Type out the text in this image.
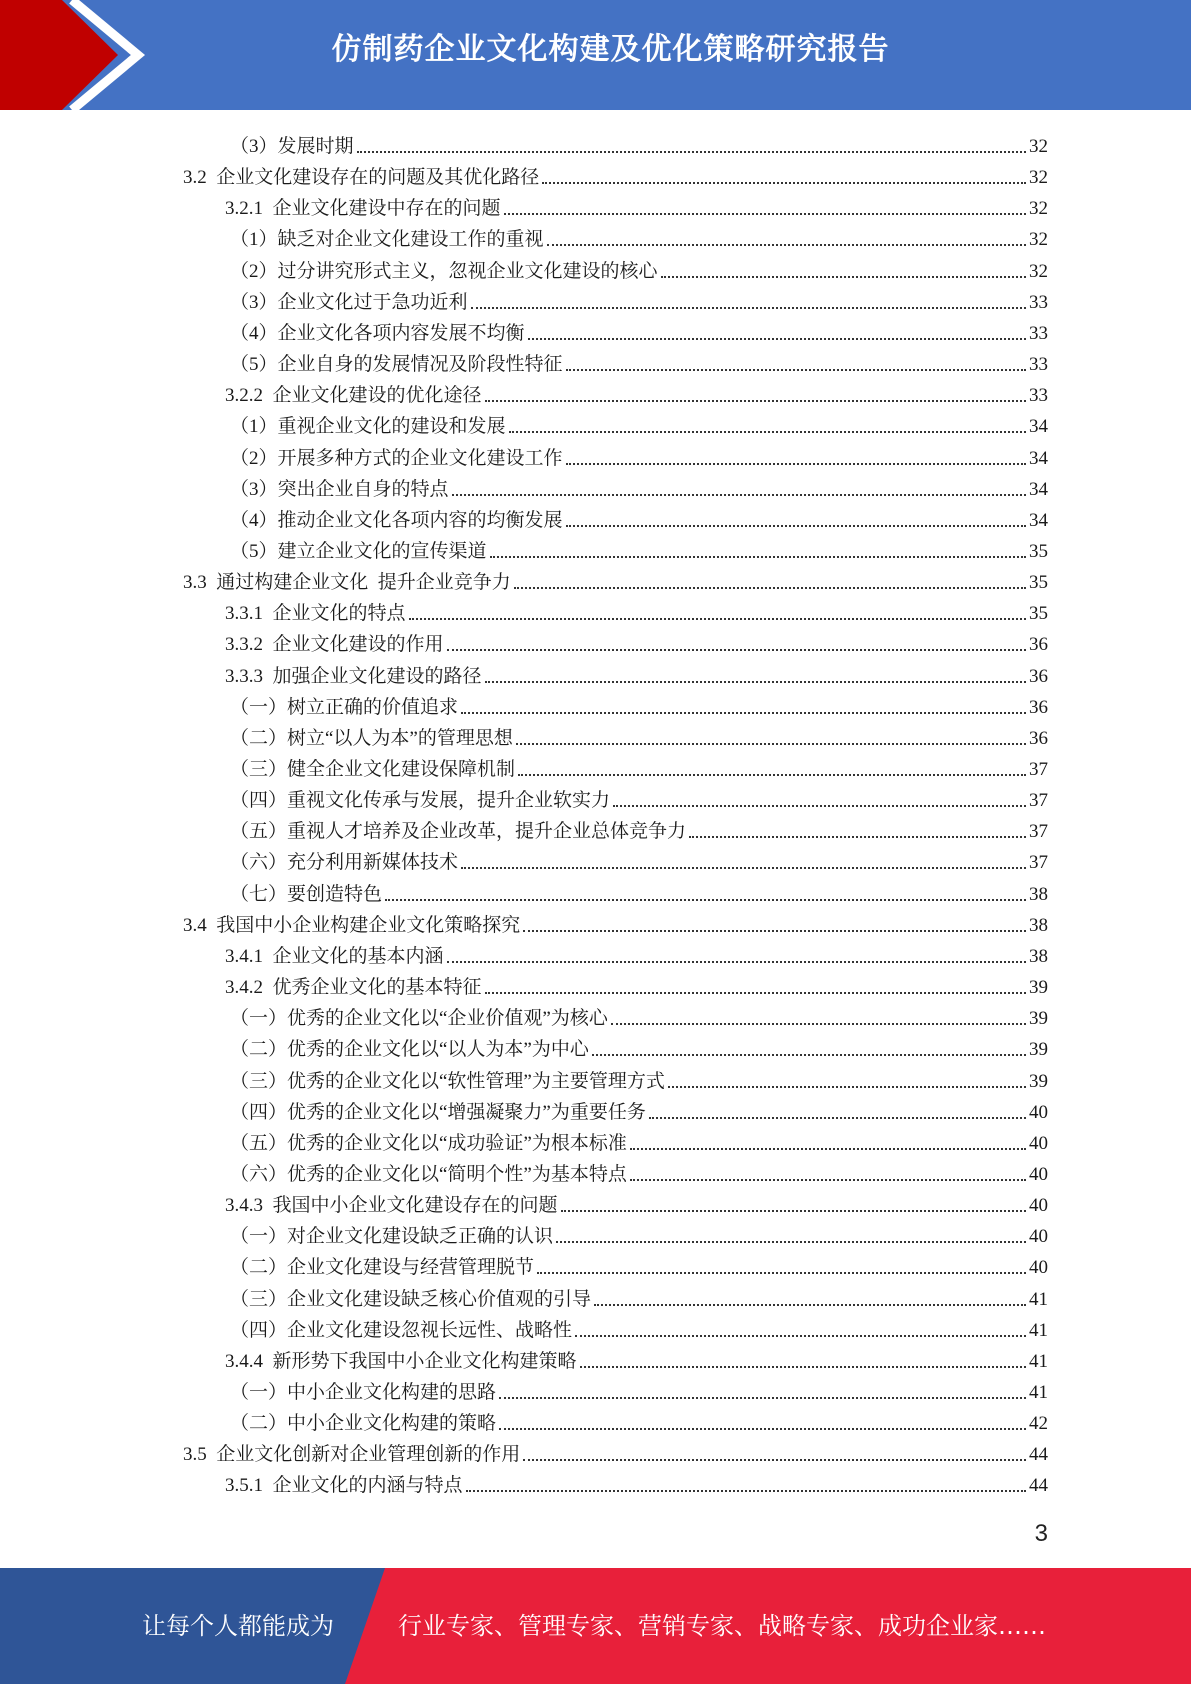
仿制药企业文化构建及优化策略研究报告
（3）发展时期	32
3.2  企业文化建设存在的问题及其优化路径	32
3.2.1  企业文化建设中存在的问题	32
（1）缺乏对企业文化建设工作的重视	32
（2）过分讲究形式主义，忽视企业文化建设的核心	32
（3）企业文化过于急功近利	33
（4）企业文化各项内容发展不均衡	33
（5）企业自身的发展情况及阶段性特征	33
3.2.2  企业文化建设的优化途径	33
（1）重视企业文化的建设和发展	34
（2）开展多种方式的企业文化建设工作	34
（3）突出企业自身的特点	34
（4）推动企业文化各项内容的均衡发展	34
（5）建立企业文化的宣传渠道	35
3.3  通过构建企业文化  提升企业竞争力	35
3.3.1  企业文化的特点	35
3.3.2  企业文化建设的作用	36
3.3.3  加强企业文化建设的路径	36
（一）树立正确的价值追求	36
（二）树立“以人为本”的管理思想	36
（三）健全企业文化建设保障机制	37
（四）重视文化传承与发展，提升企业软实力	37
（五）重视人才培养及企业改革，提升企业总体竞争力	37
（六）充分利用新媒体技术	37
（七）要创造特色	38
3.4  我国中小企业构建企业文化策略探究	38
3.4.1  企业文化的基本内涵	38
3.4.2  优秀企业文化的基本特征	39
（一）优秀的企业文化以“企业价值观”为核心	39
（二）优秀的企业文化以“以人为本”为中心	39
（三）优秀的企业文化以“软性管理”为主要管理方式	39
（四）优秀的企业文化以“增强凝聚力”为重要任务	40
（五）优秀的企业文化以“成功验证”为根本标准	40
（六）优秀的企业文化以“简明个性”为基本特点	40
3.4.3  我国中小企业文化建设存在的问题	40
（一）对企业文化建设缺乏正确的认识	40
（二）企业文化建设与经营管理脱节	40
（三）企业文化建设缺乏核心价值观的引导	41
（四）企业文化建设忽视长远性、战略性	41
3.4.4  新形势下我国中小企业文化构建策略	41
（一）中小企业文化构建的思路	41
（二）中小企业文化构建的策略	42
3.5  企业文化创新对企业管理创新的作用	44
3.5.1  企业文化的内涵与特点	44
3
让每个人都能成为	行业专家、管理专家、营销专家、战略专家、成功企业家……
